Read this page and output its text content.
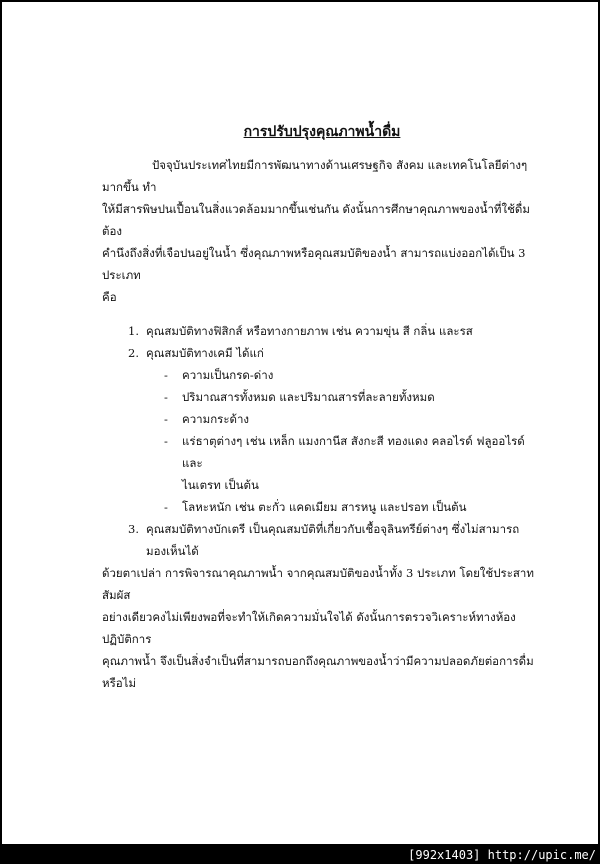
การปรับปรุงคุณภาพน้ำดื่ม
ปัจจุบันประเทศไทยมีการพัฒนาทางด้านเศรษฐกิจ สังคม และเทคโนโลยีต่างๆมากขึ้น ทำ
ให้มีสารพิษปนเปื้อนในสิ่งแวดล้อมมากขึ้นเช่นกัน ดังนั้นการศึกษาคุณภาพของน้ำที่ใช้ดื่ม ต้อง
คำนึงถึงสิ่งที่เจือปนอยู่ในน้ำ ซึ่งคุณภาพหรือคุณสมบัติของน้ำ สามารถแบ่งออกได้เป็น 3 ประเภท
คือ
1. คุณสมบัติทางฟิสิกส์ หรือทางกายภาพ เช่น ความขุ่น สี กลิ่น และรส
2. คุณสมบัติทางเคมี ได้แก่
-	ความเป็นกรด-ด่าง
-	ปริมาณสารทั้งหมด และปริมาณสารที่ละลายทั้งหมด
-	ความกระด้าง
-	แร่ธาตุต่างๆ เช่น เหล็ก แมงกานีส สังกะสี ทองแดง คลอไรด์ ฟลูออไรด์ และ
ไนเตรท เป็นต้น
-	โลหะหนัก เช่น ตะกั่ว แคดเมียม สารหนู และปรอท เป็นต้น
3. คุณสมบัติทางบักเตรี เป็นคุณสมบัติที่เกี่ยวกับเชื้อจุลินทรีย์ต่างๆ ซึ่งไม่สามารถ
มองเห็นได้
ด้วยตาเปล่า การพิจารณาคุณภาพน้ำ จากคุณสมบัติของน้ำทั้ง 3 ประเภท โดยใช้ประสาทสัมผัส
อย่างเดียวคงไม่เพียงพอที่จะทำให้เกิดความมั่นใจได้ ดังนั้นการตรวจวิเคราะห์ทางห้องปฏิบัติการ
คุณภาพน้ำ จึงเป็นสิ่งจำเป็นที่สามารถบอกถึงคุณภาพของน้ำว่ามีความปลอดภัยต่อการดื่มหรือไม่
[992x1403] http://upic.me/
